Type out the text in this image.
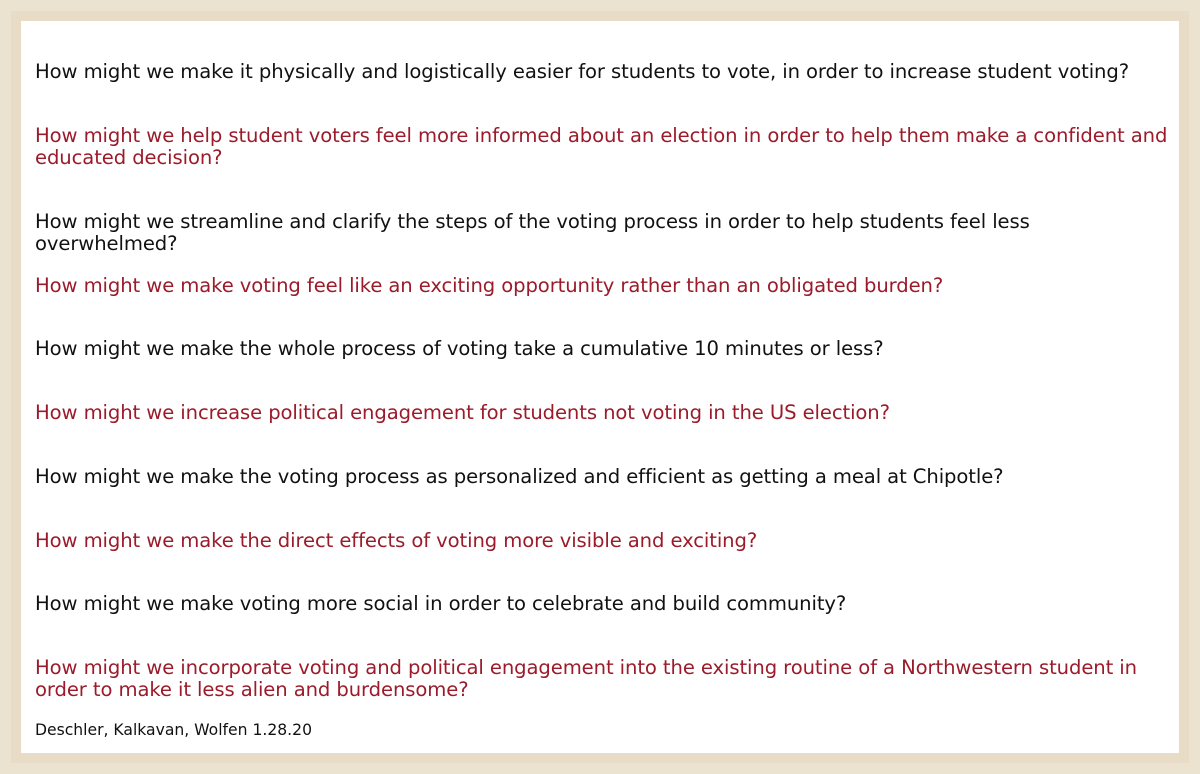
How might we make it physically and logistically easier for students to vote, in order to increase student voting?

How might we help student voters feel more informed about an election in order to help them make a confident and educated decision?

How might we streamline and clarify the steps of the voting process in order to help students feel less overwhelmed?

How might we make voting feel like an exciting opportunity rather than an obligated burden?

How might we make the whole process of voting take a cumulative 10 minutes or less?

How might we increase political engagement for students not voting in the US election?

How might we make the voting process as personalized and efficient as getting a meal at Chipotle?

How might we make the direct effects of voting more visible and exciting?

How might we make voting more social in order to celebrate and build community?

How might we incorporate voting and political engagement into the existing routine of a Northwestern student in order to make it less alien and burdensome?

Deschler, Kalkavan, Wolfen 1.28.20
